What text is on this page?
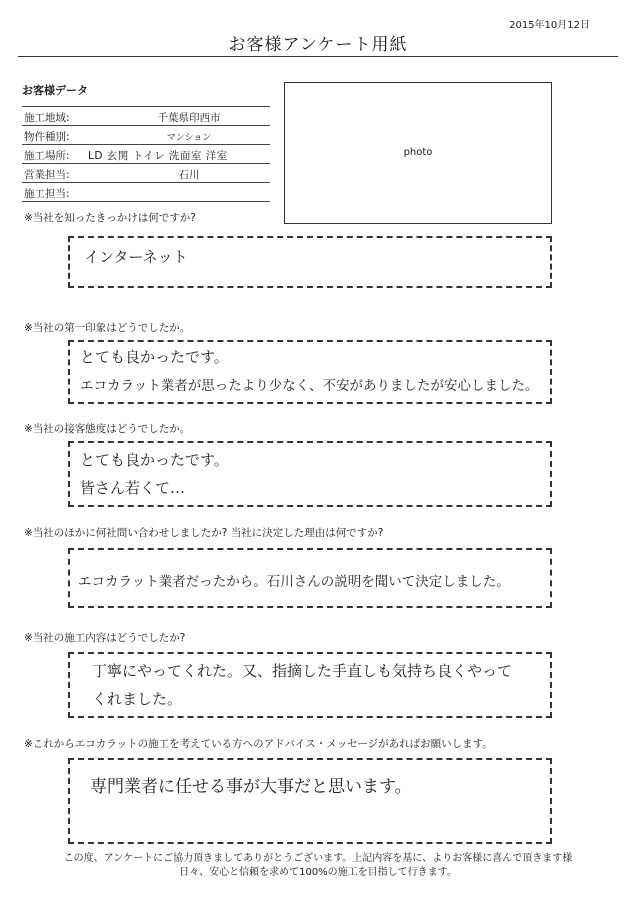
2015年10月12日
お客様アンケート用紙
お客様データ
施工地域:	千葉県印西市
物件種別:	マンション
施工場所: LD 玄関 トイレ 洗面室 洋室
営業担当:	石川
施工担当:
photo
※当社を知ったきっかけは何ですか?
インターネット
※当社の第一印象はどうでしたか。
とても良かったです。
エコカラット業者が思ったより少なく、不安がありましたが安心しました。
※当社の接客態度はどうでしたか。
とても良かったです。
皆さん若くて…
※当社のほかに何社問い合わせしましたか? 当社に決定した理由は何ですか?
エコカラット業者だったから。石川さんの説明を聞いて決定しました。
※当社の施工内容はどうでしたか?
丁寧にやってくれた。又、指摘した手直しも気持ち良くやって
くれました。
※これからエコカラットの施工を考えている方へのアドバイス・メッセージがあればお願いします。
専門業者に任せる事が大事だと思います。
この度、アンケートにご協力頂きましてありがとうございます。上記内容を基に、よりお客様に喜んで頂きます様
日々、安心と信頼を求めて100%の施工を目指して行きます。
